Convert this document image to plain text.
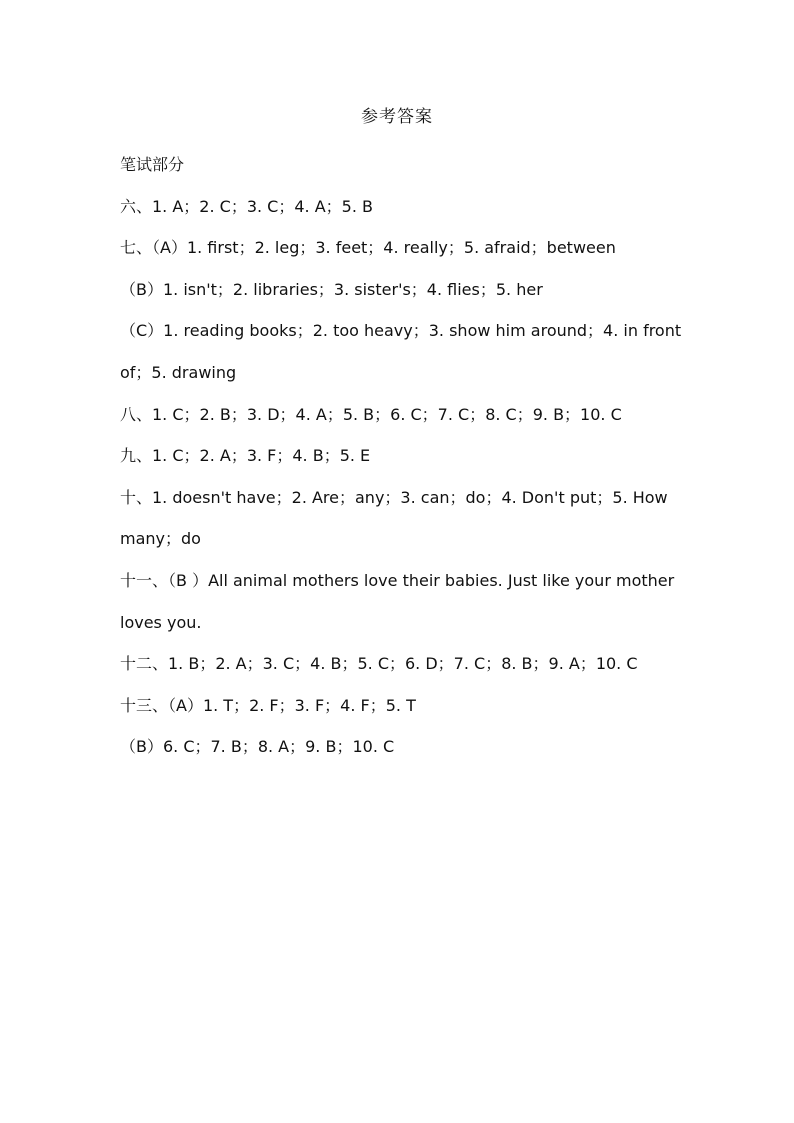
参考答案
笔试部分
六、1. A；2. C；3. C；4. A；5. B
七、（A）1. first；2. leg；3. feet；4. really；5. afraid；between
（B）1. isn't；2. libraries；3. sister's；4. flies；5. her
（C）1. reading books；2. too heavy；3. show him around；4. in front
of；5. drawing
八、1. C；2. B；3. D；4. A；5. B；6. C；7. C；8. C；9. B；10. C
九、1. C；2. A；3. F；4. B；5. E
十、1. doesn't have；2. Are；any；3. can；do；4. Don't put；5. How
many；do
十一、（B ）All animal mothers love their babies. Just like your mother
loves you.
十二、1. B；2. A；3. C；4. B；5. C；6. D；7. C；8. B；9. A；10. C
十三、（A）1. T；2. F；3. F；4. F；5. T
（B）6. C；7. B；8. A；9. B；10. C
